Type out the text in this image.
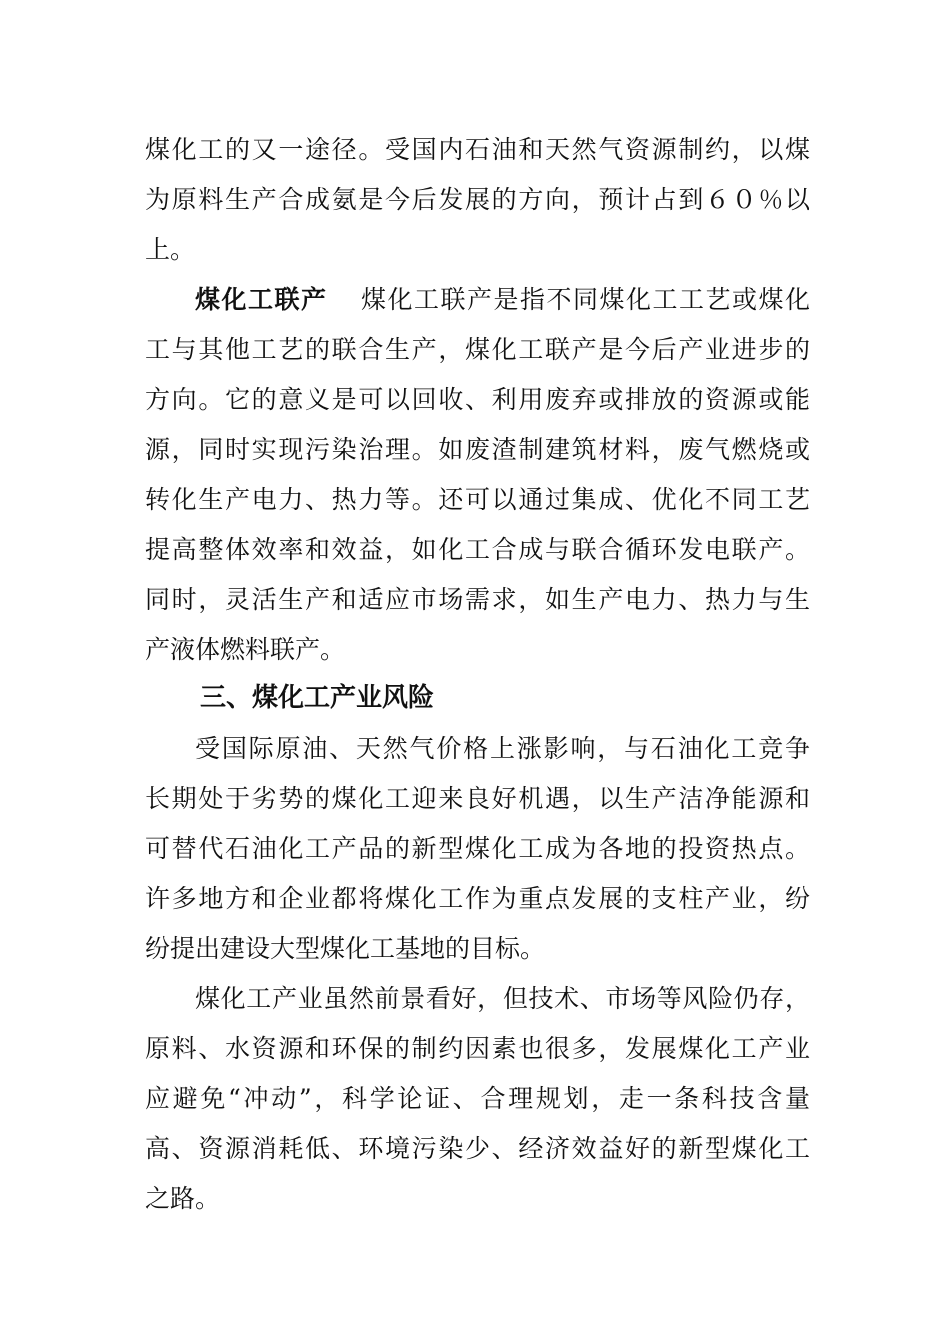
煤化工的又一途径。受国内石油和天然气资源制约，以煤
为原料生产合成氨是今后发展的方向，预计占到６０％以
上。
煤化工联产 煤化工联产是指不同煤化工工艺或煤化
工与其他工艺的联合生产，煤化工联产是今后产业进步的
方向。它的意义是可以回收、利用废弃或排放的资源或能
源，同时实现污染治理。如废渣制建筑材料，废气燃烧或
转化生产电力、热力等。还可以通过集成、优化不同工艺
提高整体效率和效益，如化工合成与联合循环发电联产。
同时，灵活生产和适应市场需求，如生产电力、热力与生
产液体燃料联产。
三、煤化工产业风险
受国际原油、天然气价格上涨影响，与石油化工竞争
长期处于劣势的煤化工迎来良好机遇，以生产洁净能源和
可替代石油化工产品的新型煤化工成为各地的投资热点。
许多地方和企业都将煤化工作为重点发展的支柱产业，纷
纷提出建设大型煤化工基地的目标。
煤化工产业虽然前景看好，但技术、市场等风险仍存，
原料、水资源和环保的制约因素也很多，发展煤化工产业
应避免“冲动”，科学论证、合理规划，走一条科技含量
高、资源消耗低、环境污染少、经济效益好的新型煤化工
之路。
